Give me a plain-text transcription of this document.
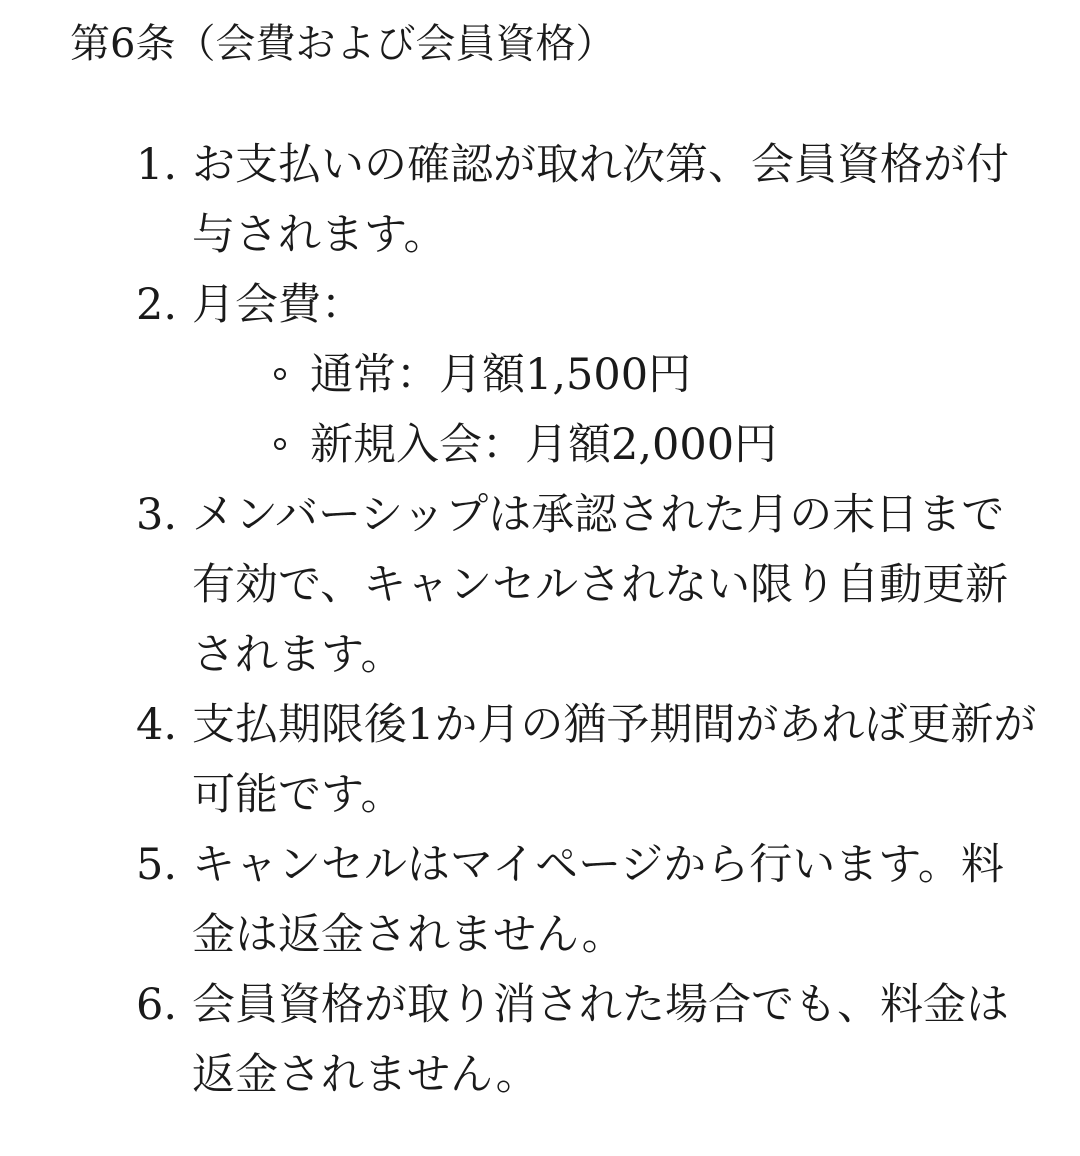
第6条（会費および会員資格）
1. お支払いの確認が取れ次第、会員資格が付与されます。
2. 月会費：
通常：月額1,500円
新規入会：月額2,000円
3. メンバーシップは承認された月の末日まで有効で、キャンセルされない限り自動更新されます。
4. 支払期限後1か月の猶予期間があれば更新が可能です。
5. キャンセルはマイページから行います。料金は返金されません。
6. 会員資格が取り消された場合でも、料金は返金されません。
